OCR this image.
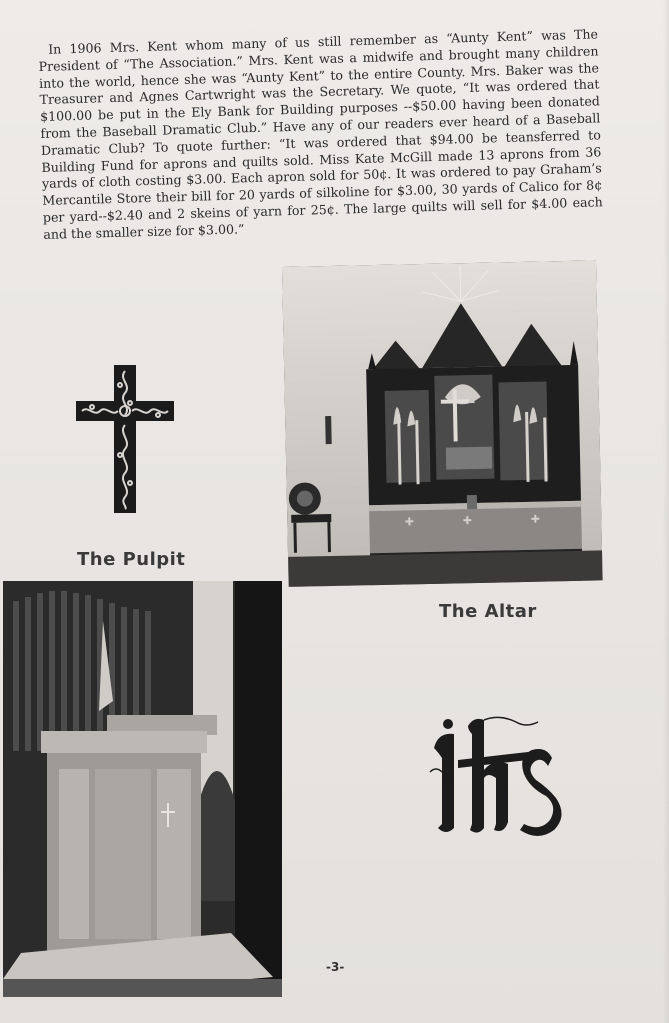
In 1906 Mrs. Kent whom many of us still remember as “Aunty Kent” was The President of “The Association.” Mrs. Kent was a midwife and brought many children into the world, hence she was “Aunty Kent” to the entire County. Mrs. Baker was the Treasurer and Agnes Cartwright was the Secretary. We quote, “It was ordered that $100.00 be put in the Ely Bank for Building purposes --$50.00 having been donated from the Baseball Dramatic Club.” Have any of our readers ever heard of a Baseball Dramatic Club? To quote further: “It was ordered that $94.00 be teansferred to Building Fund for aprons and quilts sold. Miss Kate McGill made 13 aprons from 36 yards of cloth costing $3.00. Each apron sold for 50¢. It was ordered to pay Graham’s Mercantile Store their bill for 20 yards of silkoline for $3.00, 30 yards of Calico for 8¢ per yard--$2.40 and 2 skeins of yarn for 25¢. The large quilts will sell for $4.00 each and the smaller size for $3.00.”

The Pulpit
The Altar
-3-
